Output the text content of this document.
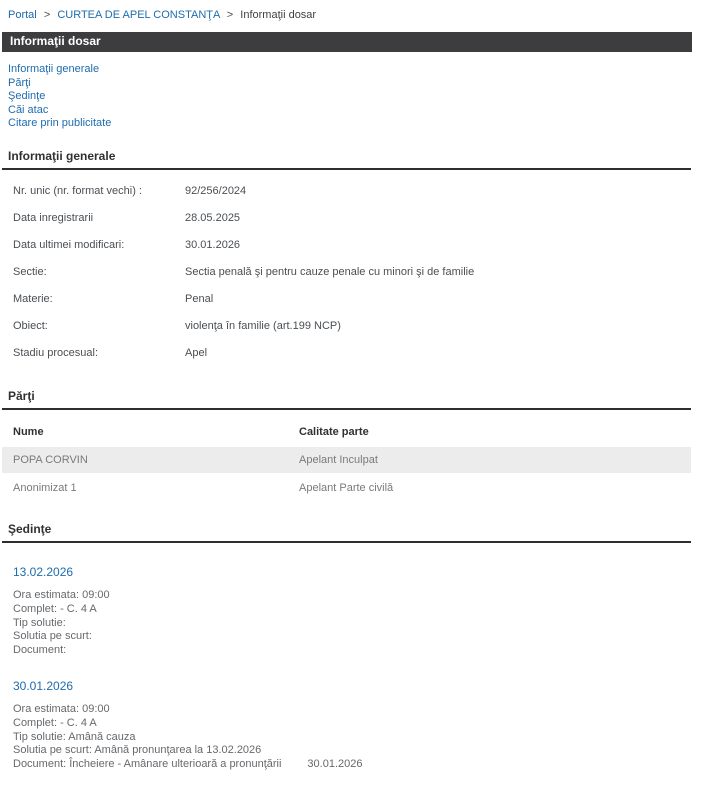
Portal > CURTEA DE APEL CONSTANŢA > Informaţii dosar
Informaţii dosar
Informaţii generale
Părţi
Şedinţe
Căi atac
Citare prin publicitate
Informaţii generale
Nr. unic (nr. format vechi) :	92/256/2024
Data inregistrarii	28.05.2025
Data ultimei modificari:	30.01.2026
Sectie:	Sectia penală şi pentru cauze penale cu minori şi de familie
Materie:	Penal
Obiect:	violenţa în familie (art.199 NCP)
Stadiu procesual:	Apel
Părţi
Nume	Calitate parte
POPA CORVIN	Apelant Inculpat
Anonimizat 1	Apelant Parte civilă
Şedinţe
13.02.2026
Ora estimata: 09:00
Complet: - C. 4 A
Tip solutie:
Solutia pe scurt:
Document:
30.01.2026
Ora estimata: 09:00
Complet: - C. 4 A
Tip solutie: Amână cauza
Solutia pe scurt: Amână pronunţarea la 13.02.2026
Document: Încheiere - Amânare ulterioară a pronunţării 30.01.2026
